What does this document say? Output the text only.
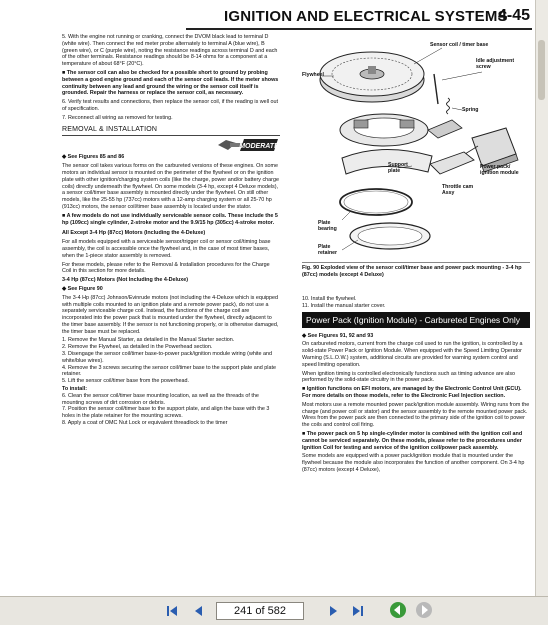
IGNITION AND ELECTRICAL SYSTEMS
4-45

5. With the engine not running or cranking, connect the DVOM black lead to terminal D (white wire). Then connect the red meter probe alternately to terminal A (blue wire), B (green wire), or C (purple wire), noting the resistance readings across terminal D and each of the other terminals. Resistance readings should be 8-14 ohms for a component at a temperature of about 68°F (20°C).

■ The sensor coil can also be checked for a possible short to ground by probing between a good engine ground and each of the sensor coil leads. If the meter shows continuity between any lead and ground the wiring or the sensor coil itself is grounded. Repair the harness or replace the sensor coil, as necessary.

6. Verify test results and connections, then replace the sensor coil, if the reading is well out of specification.

7. Reconnect all wiring as removed for testing.

REMOVAL & INSTALLATION
MODERATE

◆ See Figures 85 and 86

The sensor coil takes various forms on the carbureted versions of these engines. On some motors an individual sensor is mounted on the perimeter of the flywheel or on the ignition plate with other ignition/charging system coils (like the charge, power and/or battery charge coils) directly underneath the flywheel. On some models (3-4 hp, except 4 Deluxe models), a sensor coil/timer base assembly is mounted directly under the flywheel. On still other models, like the 25-55 hp (737cc) motors with a 12-amp charging system or all 25-70 hp (913cc) motors, the sensor coil/timer base assembly is located under the stator.

■ A few models do not use individually serviceable sensor coils. These include the 5 hp (109cc) single cylinder, 2-stroke motor and the 9.9/15 hp (305cc) 4-stroke motor.

All Except 3-4 Hp (87cc) Motors (Including the 4-Deluxe)

For all models equipped with a serviceable sensor/trigger coil or sensor coil/timing base assembly, the coil is accessible once the flywheel and, in the case of most timer bases, when the 1-piece stator assembly is removed.

For these models, please refer to the Removal & Installation procedures for the Charge Coil in this section for more details.

3-4 Hp (87cc) Motors (Not Including the 4-Deluxe)

◆ See Figure 90

The 3-4 Hp (87cc) Johnson/Evinrude motors (not including the 4-Deluxe which is equipped with multiple coils mounted to an ignition plate and a remote power pack), do not use a separately serviceable charge coil. Instead, the functions of the charge coil are incorporated into the power pack that is mounted under the flywheel, directly adjacent to the timer base assembly. If the sensor is not functioning properly, or is otherwise damaged, the timer base must be replaced.

1. Remove the Manual Starter, as detailed in the Manual Starter section.

2. Remove the Flywheel, as detailed in the Powerhead section.

3. Disengage the sensor coil/timer base-to-power pack/ignition module wiring (white and white/blue wires).

4. Remove the 3 screws securing the sensor coil/timer base to the support plate and plate retainer.

5. Lift the sensor coil/timer base from the powerhead.

To install:

6. Clean the sensor coil/timer base mounting location, as well as the threads of the mounting screws of dirt corrosion or debris.

7. Position the sensor coil/timer base to the support plate, and align the base with the 3 holes in the plate retainer for the mounting screws.

8. Apply a coat of OMC Nut Lock or equivalent threadlock to the timer

Sensor coil / timer base
Idle adjustment screw
Flywheel
Spring
Support plate
Power pack/ ignition module
Throttle cam Assy
Plate bearing
Plate retainer
Fig. 90 Exploded view of the sensor coil/timer base and power pack mounting - 3-4 hp (87cc) models (except 4 Deluxe)

10. Install the flywheel.

11. Install the manual starter cover.

Power Pack (Ignition Module) - Carbureted Engines Only

◆ See Figures 91, 92 and 93

On carbureted motors, current from the charge coil used to run the ignition, is controlled by a solid-state Power Pack or Ignition Module. When equipped with the Speed Limiting Operator Warning (S.L.O.W.) system, additional circuits are provided for warning system control and speed limiting operation.

When ignition timing is controlled electronically functions such as timing advance are also performed by the solid-state circuitry in the power pack.

■ Ignition functions on EFI motors, are managed by the Electronic Control Unit (ECU). For more details on those models, refer to the Electronic Fuel Injection section.

Most motors use a remote mounted power pack/ignition module assembly. Wiring runs from the charge (and power coil or stator) and the sensor assembly to the remote mounted power pack. Wires from the power pack are then connected to the primary side of the ignition coil to power the coils and control coil firing.

■ The power pack on 5 hp single-cylinder motor is combined with the ignition coil and cannot be serviced separately. On these models, please refer to the procedures under Ignition Coil for testing and service of the ignition coil/power pack assembly.

Some models are equipped with a power pack/ignition module that is mounted under the flywheel because the module also incorporates the function of another component. On 3-4 hp (87cc) motors (except 4 Deluxe),

241 of 582
